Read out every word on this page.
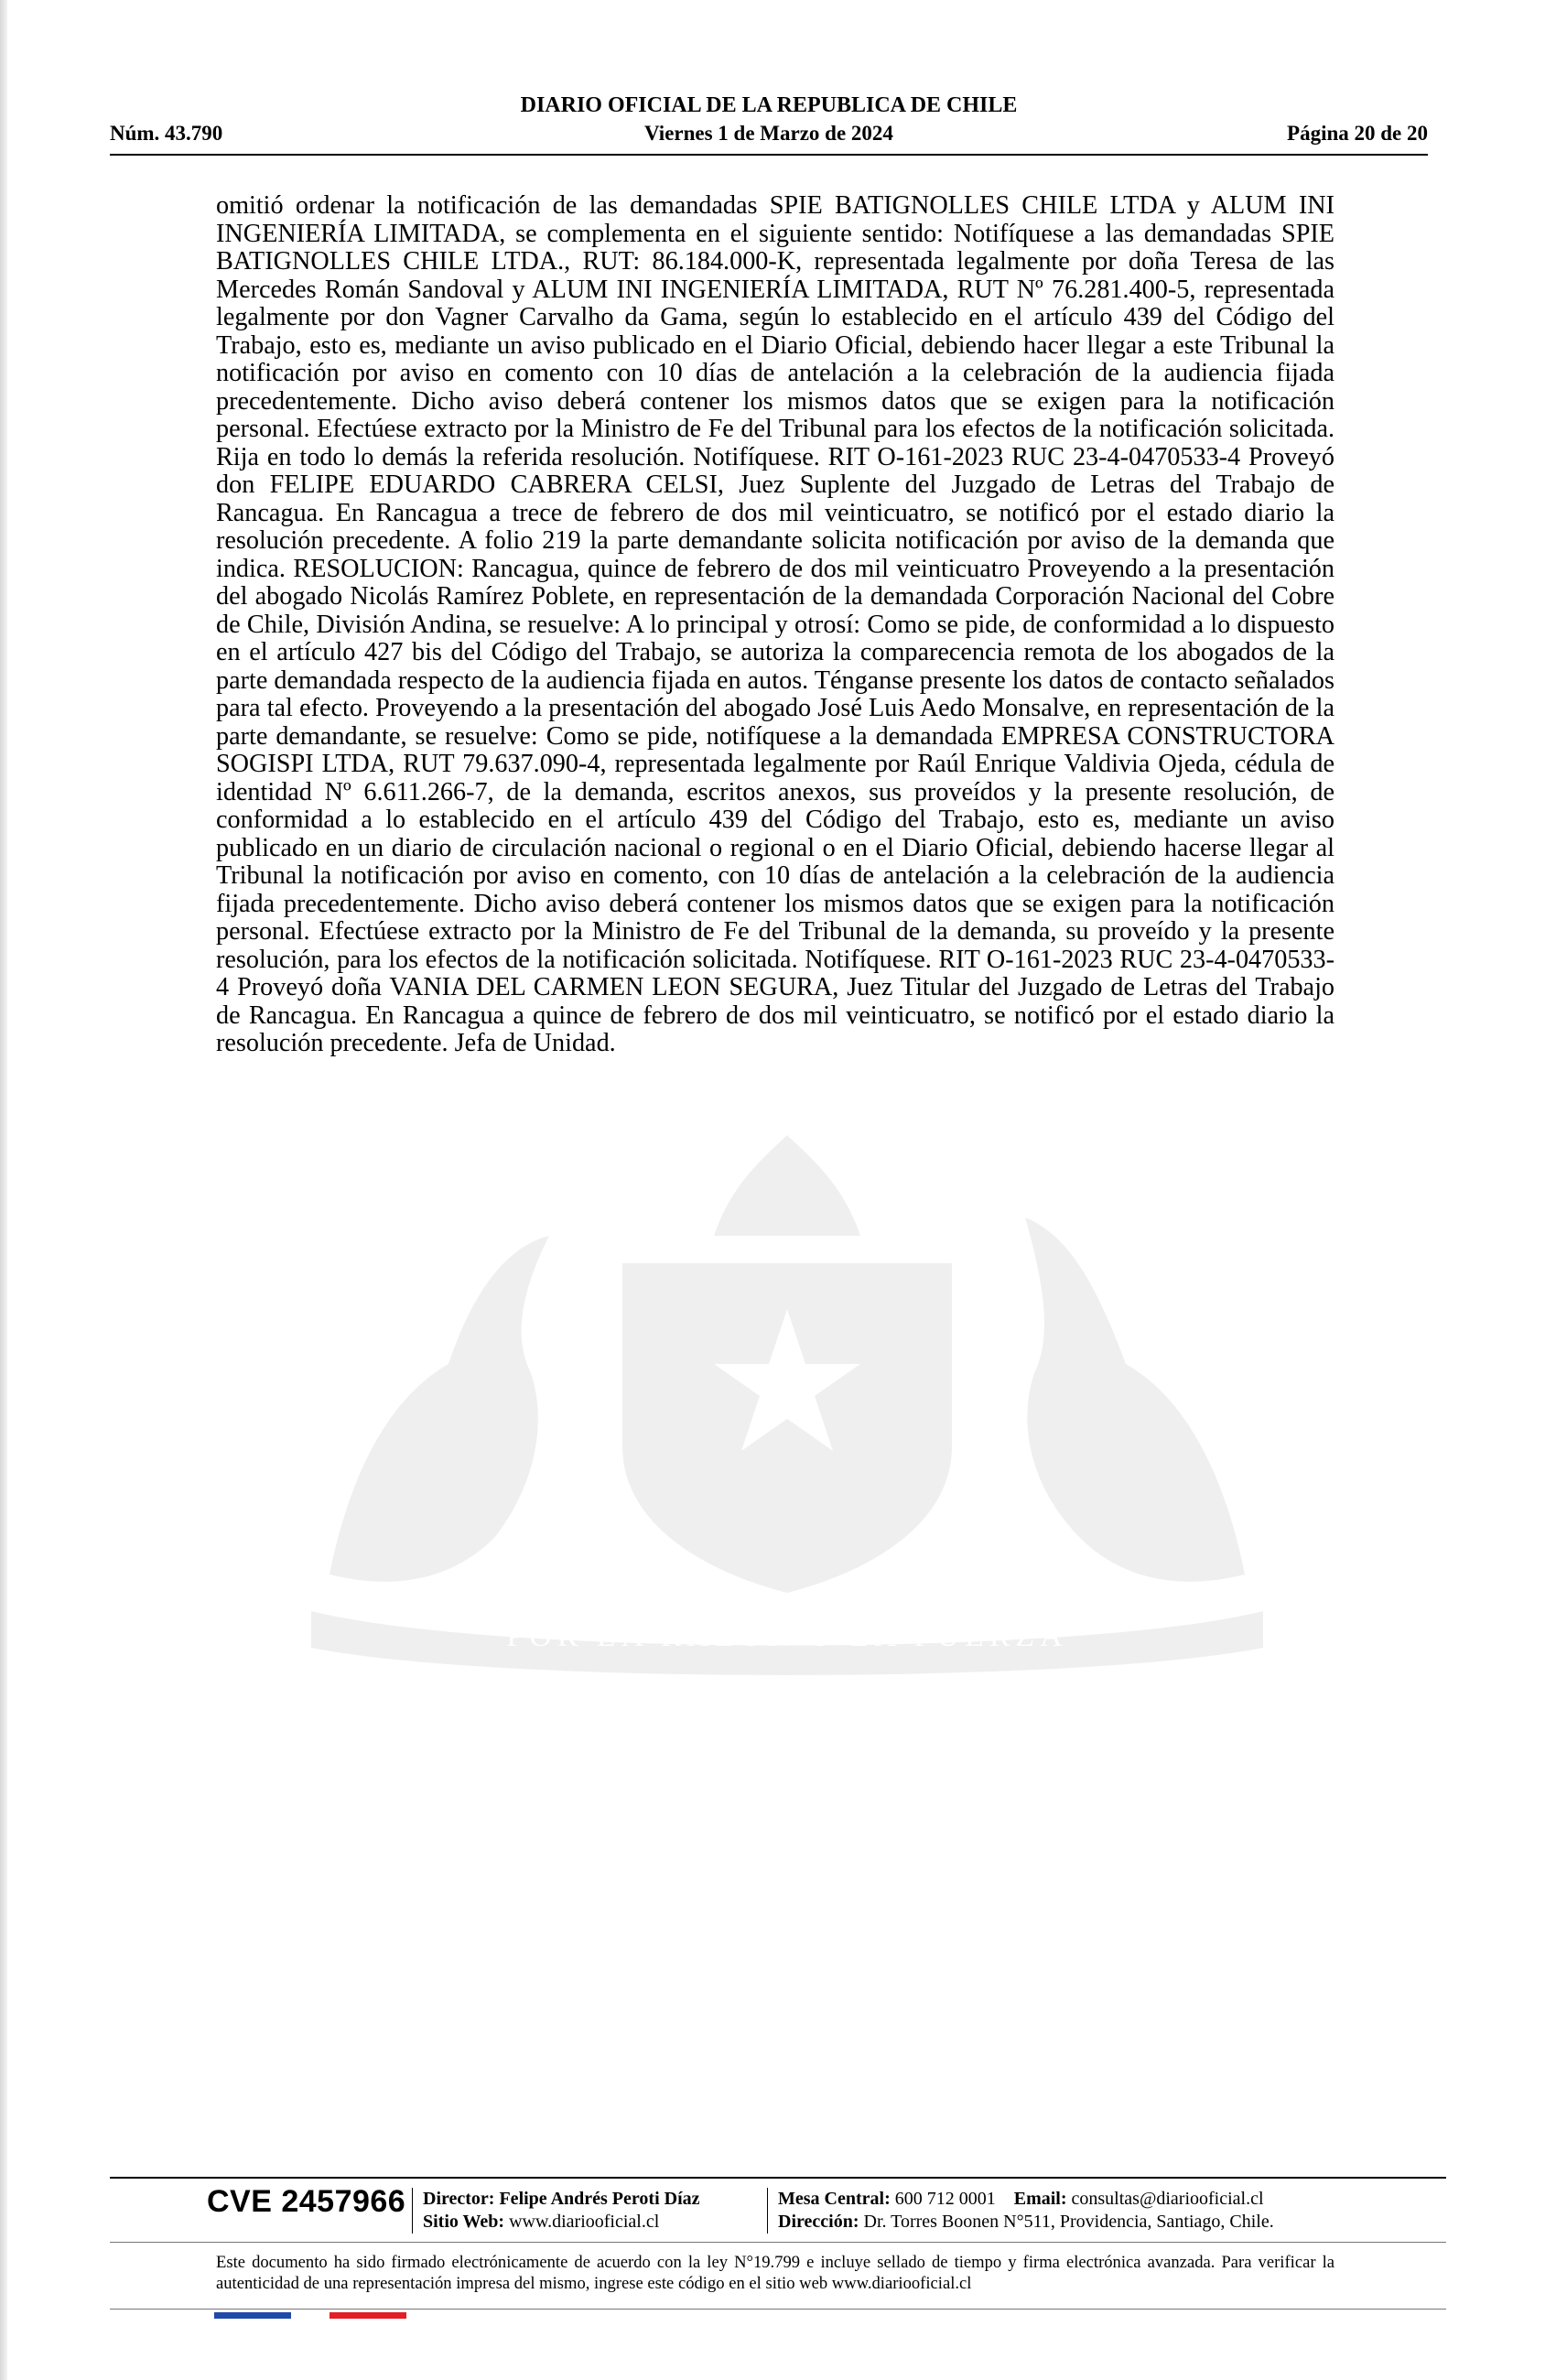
DIARIO OFICIAL DE LA REPUBLICA DE CHILE
Núm. 43.790	Viernes 1 de Marzo de 2024	Página 20 de 20
POR LA RAZON O LA FUERZA
omitió ordenar la notificación de las demandadas SPIE BATIGNOLLES CHILE LTDA y ALUM INI INGENIERÍA LIMITADA, se complementa en el siguiente sentido: Notifíquese a las demandadas SPIE BATIGNOLLES CHILE LTDA., RUT: 86.184.000-K, representada legalmente por doña Teresa de las Mercedes Román Sandoval y ALUM INI INGENIERÍA LIMITADA, RUT Nº 76.281.400-5, representada legalmente por don Vagner Carvalho da Gama, según lo establecido en el artículo 439 del Código del Trabajo, esto es, mediante un aviso publicado en el Diario Oficial, debiendo hacer llegar a este Tribunal la notificación por aviso en comento con 10 días de antelación a la celebración de la audiencia fijada precedentemente. Dicho aviso deberá contener los mismos datos que se exigen para la notificación personal. Efectúese extracto por la Ministro de Fe del Tribunal para los efectos de la notificación solicitada. Rija en todo lo demás la referida resolución. Notifíquese. RIT O-161-2023 RUC 23-4-0470533-4 Proveyó don FELIPE EDUARDO CABRERA CELSI, Juez Suplente del Juzgado de Letras del Trabajo de Rancagua. En Rancagua a trece de febrero de dos mil veinticuatro, se notificó por el estado diario la resolución precedente. A folio 219 la parte demandante solicita notificación por aviso de la demanda que indica. RESOLUCION: Rancagua, quince de febrero de dos mil veinticuatro Proveyendo a la presentación del abogado Nicolás Ramírez Poblete, en representación de la demandada Corporación Nacional del Cobre de Chile, División Andina, se resuelve: A lo principal y otrosí: Como se pide, de conformidad a lo dispuesto en el artículo 427 bis del Código del Trabajo, se autoriza la comparecencia remota de los abogados de la parte demandada respecto de la audiencia fijada en autos. Ténganse presente los datos de contacto señalados para tal efecto. Proveyendo a la presentación del abogado José Luis Aedo Monsalve, en representación de la parte demandante, se resuelve: Como se pide, notifíquese a la demandada EMPRESA CONSTRUCTORA SOGISPI LTDA, RUT 79.637.090-4, representada legalmente por Raúl Enrique Valdivia Ojeda, cédula de identidad Nº 6.611.266-7, de la demanda, escritos anexos, sus proveídos y la presente resolución, de conformidad a lo establecido en el artículo 439 del Código del Trabajo, esto es, mediante un aviso publicado en un diario de circulación nacional o regional o en el Diario Oficial, debiendo hacerse llegar al Tribunal la notificación por aviso en comento, con 10 días de antelación a la celebración de la audiencia fijada precedentemente. Dicho aviso deberá contener los mismos datos que se exigen para la notificación personal. Efectúese extracto por la Ministro de Fe del Tribunal de la demanda, su proveído y la presente resolución, para los efectos de la notificación solicitada. Notifíquese. RIT O-161-2023 RUC 23-4-0470533-4 Proveyó doña VANIA DEL CARMEN LEON SEGURA, Juez Titular del Juzgado de Letras del Trabajo de Rancagua. En Rancagua a quince de febrero de dos mil veinticuatro, se notificó por el estado diario la resolución precedente. Jefa de Unidad.
CVE 2457966 Director: Felipe Andrés Peroti Díaz
Sitio Web: www.diariooficial.cl
Mesa Central: 600 712 0001 Email: consultas@diariooficial.cl
Dirección: Dr. Torres Boonen N°511, Providencia, Santiago, Chile.
Este documento ha sido firmado electrónicamente de acuerdo con la ley N°19.799 e incluye sellado de tiempo y firma electrónica avanzada. Para verificar la autenticidad de una representación impresa del mismo, ingrese este código en el sitio web www.diariooficial.cl
